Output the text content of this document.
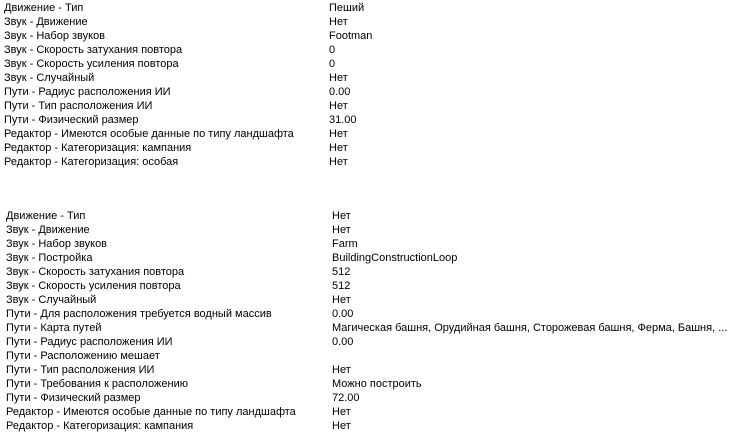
Движение - Тип	Пеший
Звук - Движение	Нет
Звук - Набор звуков	Footman
Звук - Скорость затухания повтора	0
Звук - Скорость усиления повтора	0
Звук - Случайный	Нет
Пути - Радиус расположения ИИ	0.00
Пути - Тип расположения ИИ	Нет
Пути - Физический размер	31.00
Редактор - Имеются особые данные по типу ландшафта	Нет
Редактор - Категоризация: кампания	Нет
Редактор - Категоризация: особая	Нет
Движение - Тип	Нет
Звук - Движение	Нет
Звук - Набор звуков	Farm
Звук - Постройка	BuildingConstructionLoop
Звук - Скорость затухания повтора	512
Звук - Скорость усиления повтора	512
Звук - Случайный	Нет
Пути - Для расположения требуется водный массив	0.00
Пути - Карта путей	Магическая башня, Орудийная башня, Сторожевая башня, Ферма, Башня, ...
Пути - Радиус расположения ИИ	0.00
Пути - Расположению мешает
Пути - Тип расположения ИИ	Нет
Пути - Требования к расположению	Можно построить
Пути - Физический размер	72.00
Редактор - Имеются особые данные по типу ландшафта	Нет
Редактор - Категоризация: кампания	Нет
